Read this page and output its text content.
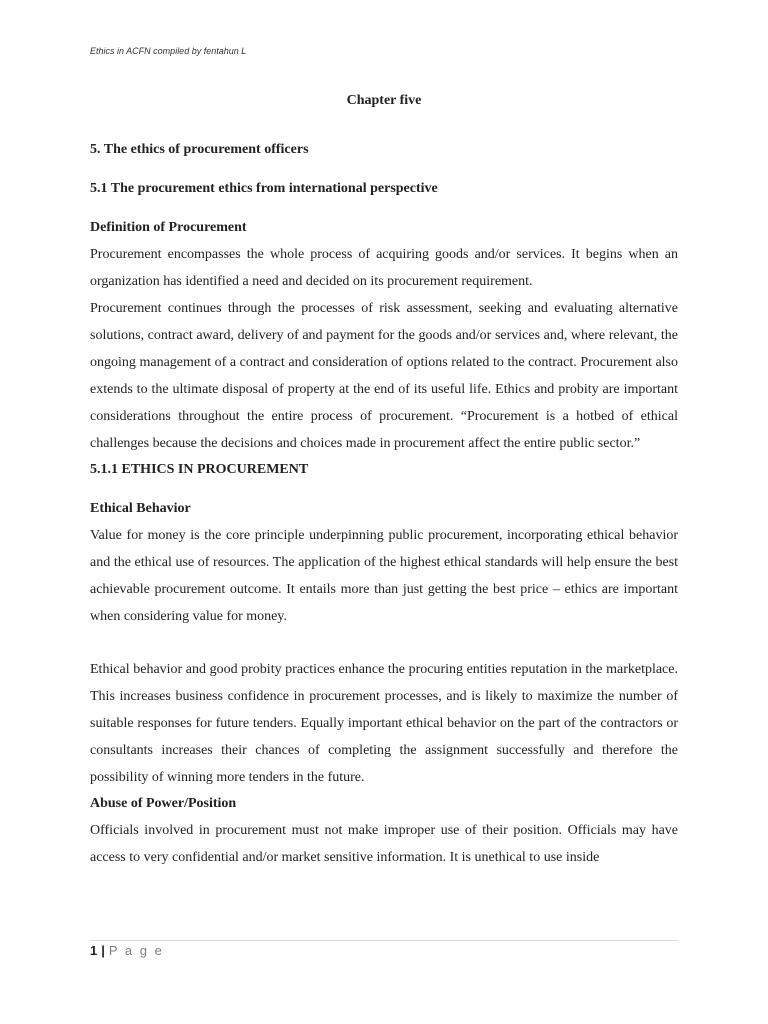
Ethics in ACFN compiled by fentahun L

Chapter five

5. The ethics of procurement officers

5.1 The procurement ethics from international perspective

Definition of Procurement

Procurement encompasses the whole process of acquiring goods and/or services. It begins when an organization has identified a need and decided on its procurement requirement.

Procurement continues through the processes of risk assessment, seeking and evaluating alternative solutions, contract award, delivery of and payment for the goods and/or services and, where relevant, the ongoing management of a contract and consideration of options related to the contract. Procurement also extends to the ultimate disposal of property at the end of its useful life. Ethics and probity are important considerations throughout the entire process of procurement. “Procurement is a hotbed of ethical challenges because the decisions and choices made in procurement affect the entire public sector.”

5.1.1 ETHICS IN PROCUREMENT

Ethical Behavior

Value for money is the core principle underpinning public procurement, incorporating ethical behavior and the ethical use of resources. The application of the highest ethical standards will help ensure the best achievable procurement outcome. It entails more than just getting the best price – ethics are important when considering value for money.

Ethical behavior and good probity practices enhance the procuring entities reputation in the marketplace. This increases business confidence in procurement processes, and is likely to maximize the number of suitable responses for future tenders. Equally important ethical behavior on the part of the contractors or consultants increases their chances of completing the assignment successfully and therefore the possibility of winning more tenders in the future.

Abuse of Power/Position

Officials involved in procurement must not make improper use of their position. Officials may have access to very confidential and/or market sensitive information. It is unethical to use inside

1 | P a g e
